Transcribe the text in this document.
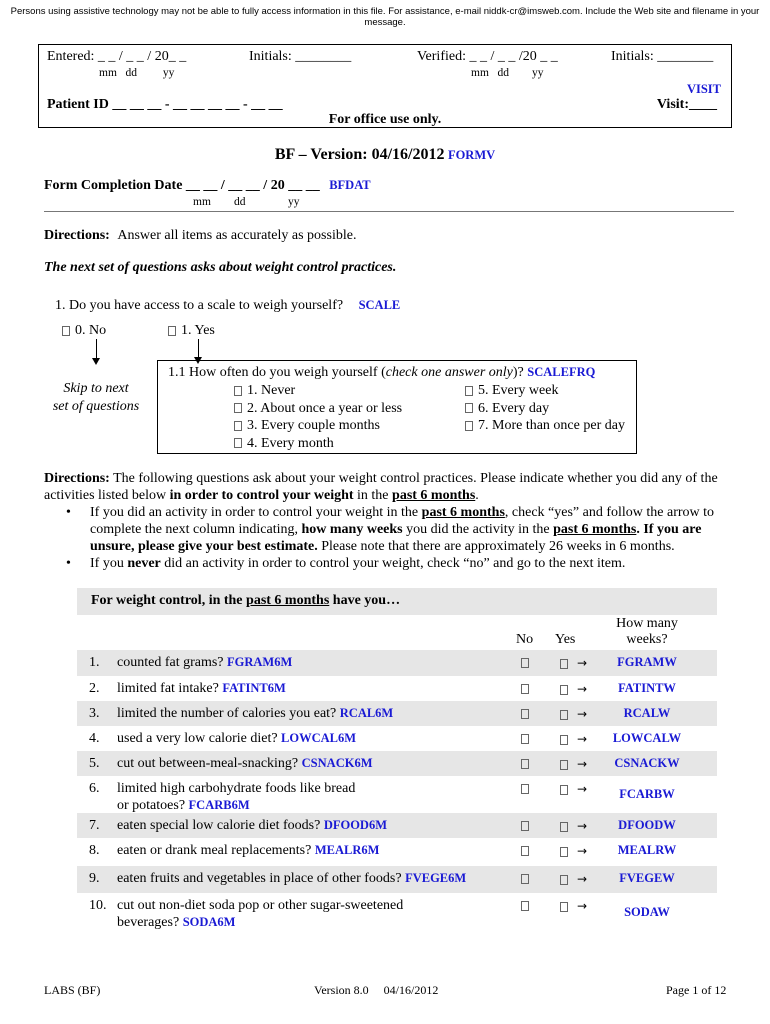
Persons using assistive technology may not be able to fully access information in this file. For assistance, e-mail niddk-cr@imsweb.com. Include the Web site and filename in your message.
Entered: _ _ / _ _ / 20_ _
mm   dd         yy
Initials: ________	Verified: _ _ / _ _ /20 _ _
mm   dd        yy
Initials: ________
VISIT
Visit:____
Patient ID __ __ __ - __ __ __ __ - __ __
For office use only.
BF – Version: 04/16/2012 FORMV
Form Completion Date __ __ / __ __ / 20 __ __ BFDAT
mm dd	yy
Directions: Answer all items as accurately as possible.
The next set of questions asks about weight control practices.
1. Do you have access to a scale to weigh yourself? SCALE
0. No	1. Yes
Skip to next
set of questions
1.1 How often do you weigh yourself (check one answer only)? SCALEFRQ
1. Never
2. About once a year or less
3. Every couple months
4. Every month
5. Every week
6. Every day
7. More than once per day
Directions: The following questions ask about your weight control practices. Please indicate whether you did any of the
activities listed below in order to control your weight in the past 6 months.
• If you did an activity in order to control your weight in the past 6 months, check “yes” and follow the arrow to
complete the next column indicating, how many weeks you did the activity in the past 6 months. If you are
unsure, please give your best estimate. Please note that there are approximately 26 weeks in 6 months.
• If you never did an activity in order to control your weight, check “no” and go to the next item.
For weight control, in the past 6 months have you…
No Yes
How many
weeks?
1. counted fat grams? FGRAM6M	→	FGRAMW
2. limited fat intake? FATINT6M	→	FATINTW
3. limited the number of calories you eat? RCAL6M	→	RCALW
4. used a very low calorie diet? LOWCAL6M	→	LOWCALW
5. cut out between-meal-snacking? CSNACK6M	→	CSNACKW
6. limited high carbohydrate foods like bread
or potatoes? FCARB6M
→	FCARBW
7. eaten special low calorie diet foods? DFOOD6M	→	DFOODW
8. eaten or drank meal replacements? MEALR6M	→	MEALRW
9. eaten fruits and vegetables in place of other foods? FVEGE6M	→	FVEGEW
10. cut out non-diet soda pop or other sugar-sweetened
beverages? SODA6M
→	SODAW
LABS (BF)	Version 8.0     04/16/2012	Page 1 of 12
